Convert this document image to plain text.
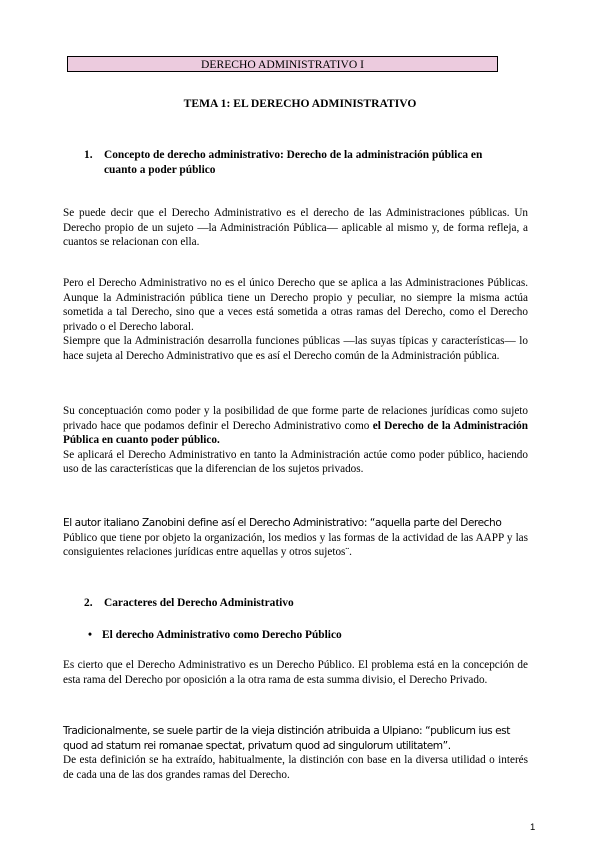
DERECHO ADMINISTRATIVO I
TEMA 1: EL DERECHO ADMINISTRATIVO
1. Concepto de derecho administrativo: Derecho de la administración pública en
cuanto a poder público

Se puede decir que el Derecho Administrativo es el derecho de las Administraciones públicas. Un Derecho propio de un sujeto —la Administración Pública— aplicable al mismo y, de forma refleja, a cuantos se relacionan con ella.

Pero el Derecho Administrativo no es el único Derecho que se aplica a las Administraciones Públicas. Aunque la Administración pública tiene un Derecho propio y peculiar, no siempre la misma actúa sometida a tal Derecho, sino que a veces está sometida a otras ramas del Derecho, como el Derecho privado o el Derecho laboral.

Siempre que la Administración desarrolla funciones públicas —las suyas típicas y características— lo hace sujeta al Derecho Administrativo que es así el Derecho común de la Administración pública.

Su conceptuación como poder y la posibilidad de que forme parte de relaciones jurídicas como sujeto privado hace que podamos definir el Derecho Administrativo como el Derecho de la Administración Pública en cuanto poder público.

Se aplicará el Derecho Administrativo en tanto la Administración actúe como poder público, haciendo uso de las características que la diferencian de los sujetos privados.

El autor italiano Zanobini define así el Derecho Administrativo: “aquella parte del Derecho

Público que tiene por objeto la organización, los medios y las formas de la actividad de las AAPP y las consiguientes relaciones jurídicas entre aquellas y otros sujetos¨.

2. Caracteres del Derecho Administrativo
• El derecho Administrativo como Derecho Público

Es cierto que el Derecho Administrativo es un Derecho Público. El problema está en la concepción de esta rama del Derecho por oposición a la otra rama de esta summa divisio, el Derecho Privado.

Tradicionalmente, se suele partir de la vieja distinción atribuida a Ulpiano: “publicum ius est

quod ad statum rei romanae spectat, privatum quod ad singulorum utilitatem”.

De esta definición se ha extraído, habitualmente, la distinción con base en la diversa utilidad o interés de cada una de las dos grandes ramas del Derecho.

1
